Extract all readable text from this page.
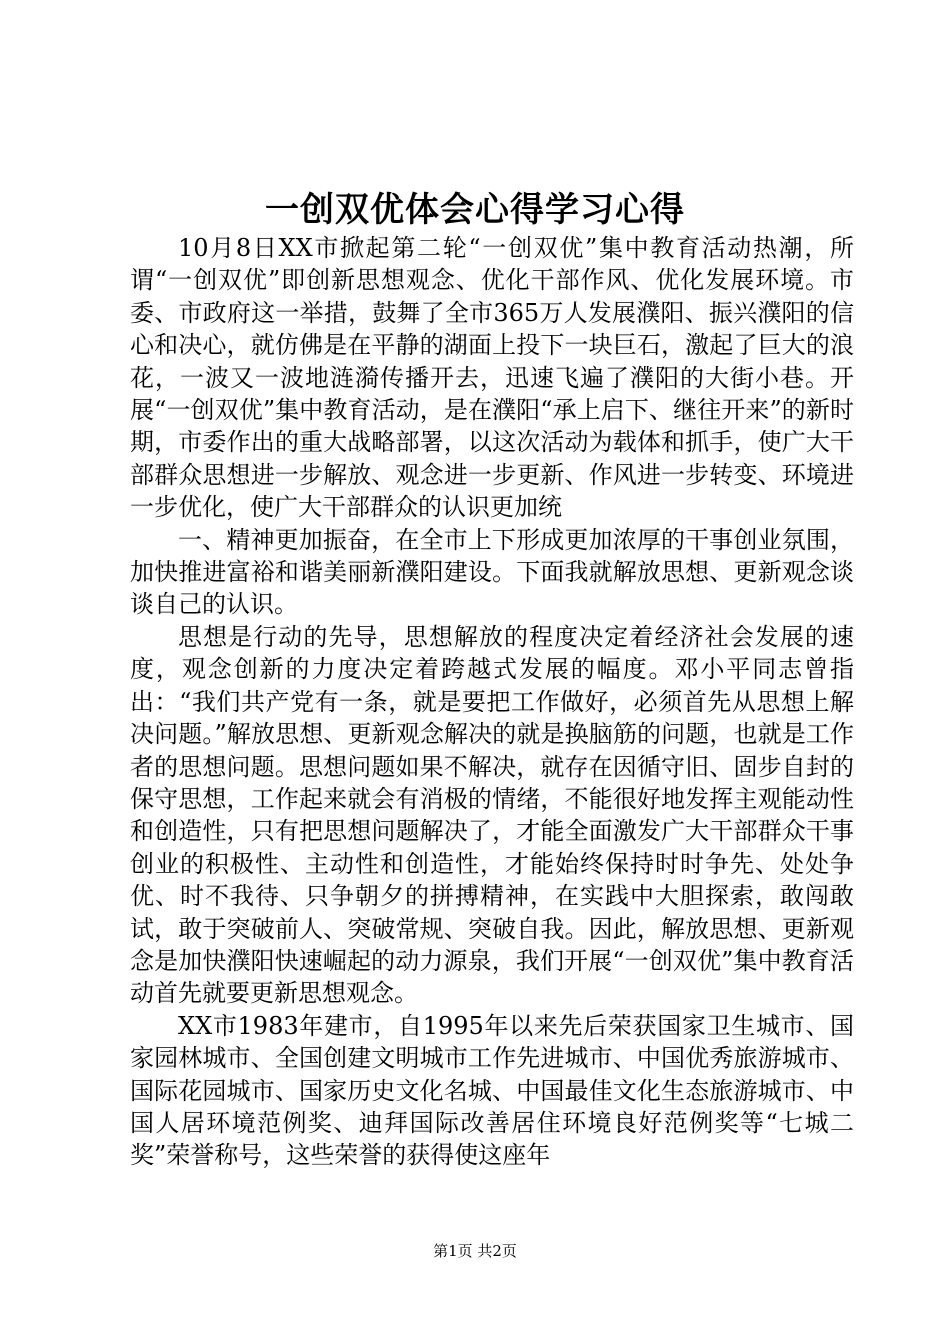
一创双优体会心得学习心得

10月8日XX市掀起第二轮“一创双优”集中教育活动热潮，所谓“一创双优”即创新思想观念、优化干部作风、优化发展环境。市委、市政府这一举措，鼓舞了全市365万人发展濮阳、振兴濮阳的信心和决心，就仿佛是在平静的湖面上投下一块巨石，激起了巨大的浪花，一波又一波地涟漪传播开去，迅速飞遍了濮阳的大街小巷。开展“一创双优”集中教育活动，是在濮阳“承上启下、继往开来”的新时期，市委作出的重大战略部署，以这次活动为载体和抓手，使广大干部群众思想进一步解放、观念进一步更新、作风进一步转变、环境进一步优化，使广大干部群众的认识更加统

一、精神更加振奋，在全市上下形成更加浓厚的干事创业氛围，加快推进富裕和谐美丽新濮阳建设。下面我就解放思想、更新观念谈谈自己的认识。

思想是行动的先导，思想解放的程度决定着经济社会发展的速度，观念创新的力度决定着跨越式发展的幅度。邓小平同志曾指出：“我们共产党有一条，就是要把工作做好，必须首先从思想上解决问题。”解放思想、更新观念解决的就是换脑筋的问题，也就是工作者的思想问题。思想问题如果不解决，就存在因循守旧、固步自封的保守思想，工作起来就会有消极的情绪，不能很好地发挥主观能动性和创造性，只有把思想问题解决了，才能全面激发广大干部群众干事创业的积极性、主动性和创造性，才能始终保持时时争先、处处争优、时不我待、只争朝夕的拼搏精神，在实践中大胆探索，敢闯敢试，敢于突破前人、突破常规、突破自我。因此，解放思想、更新观念是加快濮阳快速崛起的动力源泉，我们开展“一创双优”集中教育活动首先就要更新思想观念。

XX市1983年建市，自1995年以来先后荣获国家卫生城市、国家园林城市、全国创建文明城市工作先进城市、中国优秀旅游城市、国际花园城市、国家历史文化名城、中国最佳文化生态旅游城市、中国人居环境范例奖、迪拜国际改善居住环境良好范例奖等“七城二奖”荣誉称号，这些荣誉的获得使这座年

第1页 共2页
